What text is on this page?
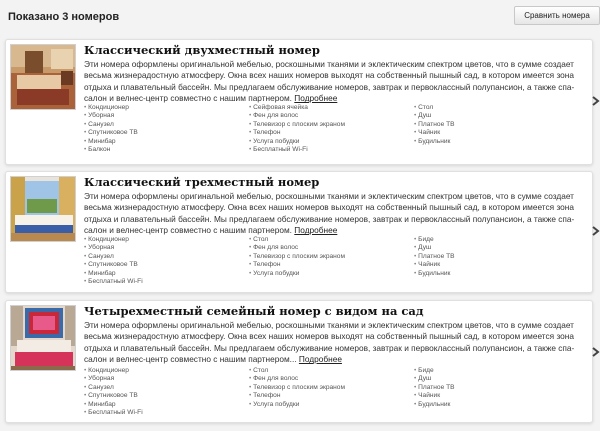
Показано 3 номеров	Сравнить номера
Классический двухместный номер
Эти номера оформлены оригинальной мебелью, роскошными тканями и эклектическим спектром цветов, что в сумме создает весьма жизнерадостную атмосферу. Окна всех наших номеров выходят на собственный пышный сад, в котором имеется зона отдыха и плавательный бассейн. Мы предлагаем обслуживание номеров, завтрак и первоклассный полупансион, а также спа-салон и велнес-центр совместно с нашим партнером. Подробнее
• Кондиционер
• Уборная
• Санузел
• Спутниковое ТВ
• Минибар
• Балкон
• Сейфовая ячейка
• Фен для волос
• Телевизор с плоским экраном
• Телефон
• Услуга побудки
• Бесплатный Wi-Fi
• Стол
• Душ
• Платное ТВ
• Чайник
• Будильник
Классический трехместный номер
Эти номера оформлены оригинальной мебелью, роскошными тканями и эклектическим спектром цветов, что в сумме создает весьма жизнерадостную атмосферу. Окна всех наших номеров выходят на собственный пышный сад, в котором имеется зона отдыха и плавательный бассейн. Мы предлагаем обслуживание номеров, завтрак и первоклассный полупансион, а также спа-салон и велнес-центр совместно с нашим партнером. Подробнее
• Кондиционер
• Уборная
• Санузел
• Спутниковое ТВ
• Минибар
• Бесплатный Wi-Fi
• Стол
• Фен для волос
• Телевизор с плоским экраном
• Телефон
• Услуга побудки
• Биде
• Душ
• Платное ТВ
• Чайник
• Будильник
Четырехместный семейный номер с видом на сад
Эти номера оформлены оригинальной мебелью, роскошными тканями и эклектическим спектром цветов, что в сумме создает весьма жизнерадостную атмосферу. Окна всех наших номеров выходят на собственный пышный сад, в котором имеется зона отдыха и плавательный бассейн. Мы предлагаем обслуживание номеров, завтрак и первоклассный полупансион, а также спа-салон и велнес-центр совместно с нашим партнером... Подробнее
• Кондиционер
• Уборная
• Санузел
• Спутниковое ТВ
• Минибар
• Бесплатный Wi-Fi
• Стол
• Фен для волос
• Телевизор с плоским экраном
• Телефон
• Услуга побудки
• Биде
• Душ
• Платное ТВ
• Чайник
• Будильник
